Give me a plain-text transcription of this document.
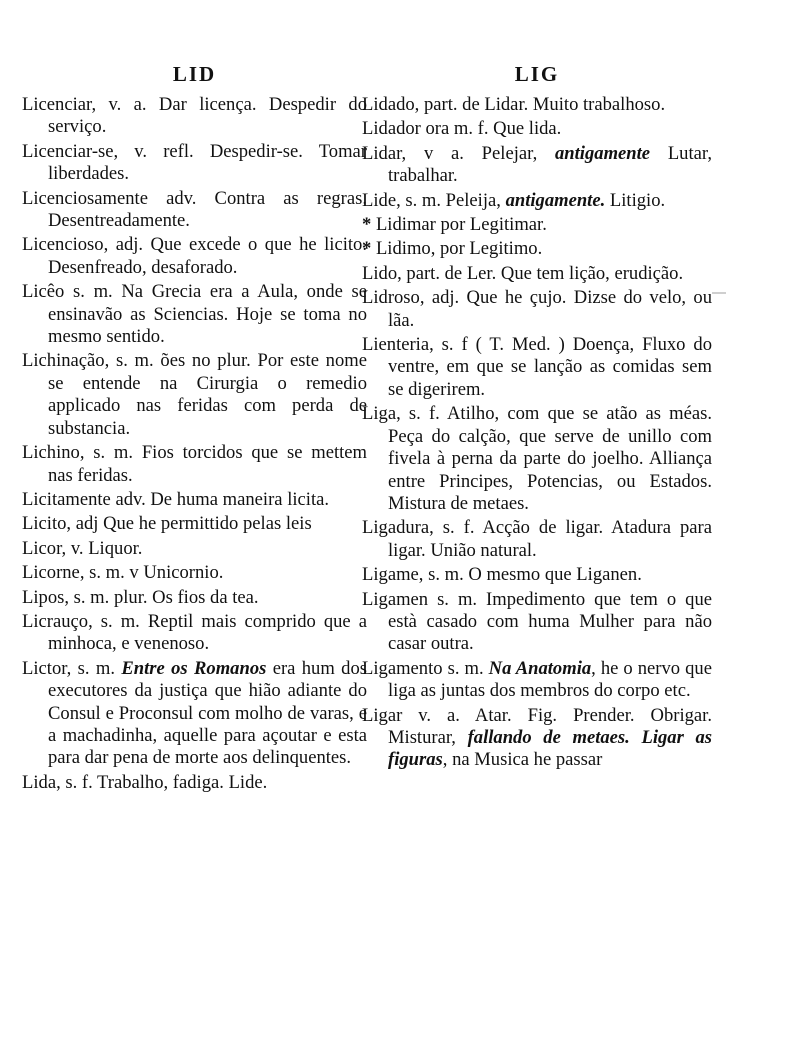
LID
Licenciar, v. a. Dar licença. Despedir do serviço.
Licenciar-se, v. refl. Despedir-se. Tomar liberdades.
Licenciosamente adv. Contra as regras. Desentreadamente.
Licencioso, adj. Que excede o que he licito. Desenfreado, desaforado.
Licêo s. m. Na Grecia era a Aula, onde se ensinavão as Sciencias. Hoje se toma no mesmo sentido.
Lichinação, s. m. ões no plur. Por este nome se entende na Cirurgia o remedio applicado nas feridas com perda de substancia.
Lichino, s. m. Fios torcidos que se mettem nas feridas.
Licitamente adv. De huma maneira licita.
Licito, adj Que he permittido pelas leis
Licor, v. Liquor.
Licorne, s. m. v Unicornio.
Lipos, s. m. plur. Os fios da tea.
Licrauço, s. m. Reptil mais comprido que a minhoca, e venenoso.
Lictor, s. m. Entre os Romanos era hum dos executores da justiça que hião adiante do Consul e Proconsul com molho de varas, e a machadinha, aquelle para açoutar e esta para dar pena de morte aos delinquentes.
Lida, s. f. Trabalho, fadiga. Lide.
LIG
Lidado, part. de Lidar. Muito trabalhoso.
Lidador ora m. f. Que lida.
Lidar, v a. Pelejar, antigamente Lutar, trabalhar.
Lide, s. m. Peleija, antigamente. Litigio.
* Lidimar por Legitimar.
* Lidimo, por Legitimo.
Lido, part. de Ler. Que tem lição, erudição.
Lidroso, adj. Que he çujo. Dizse do velo, ou lãa.
Lienteria, s. f ( T. Med. ) Doença, Fluxo do ventre, em que se lanção as comidas sem se digerirem.
Liga, s. f. Atilho, com que se atão as méas. Peça do calção, que serve de unillo com fivela à perna da parte do joelho. Alliança entre Principes, Potencias, ou Estados. Mistura de metaes.
Ligadura, s. f. Acção de ligar. Atadura para ligar. União natural.
Ligame, s. m. O mesmo que Liganen.
Ligamen s. m. Impedimento que tem o que està casado com huma Mulher para não casar outra.
Ligamento s. m. Na Anatomia, he o nervo que liga as juntas dos membros do corpo etc.
Ligar v. a. Atar. Fig. Prender. Obrigar. Misturar, fallando de metaes. Ligar as figuras, na Musica he passar
